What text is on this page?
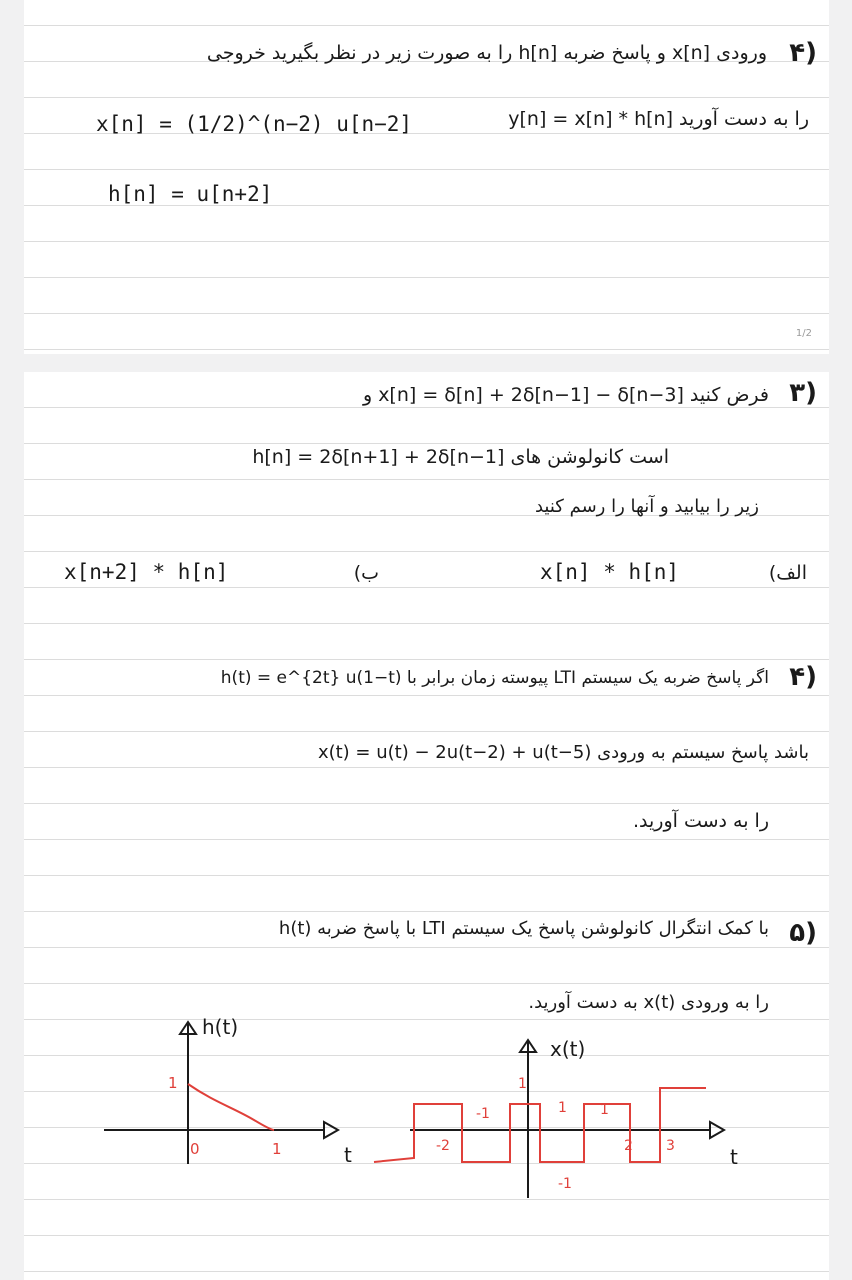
۴)
ورودی x[n] و پاسخ ضربه h[n] را به صورت زیر در نظر بگیرید خروجی
y[n] = x[n] * h[n] را به دست آورید
x[n] = (1/2)^(n−2) u[n−2]
h[n] = u[n+2]
1/2
۳)
فرض کنید x[n] = δ[n] + 2δ[n−1] − δ[n−3] و
h[n] = 2δ[n+1] + 2δ[n−1] است کانولوشن های
زیر را بیابید و آنها را رسم کنید
الف)
x[n] * h[n]
ب)
x[n+2] * h[n]
۴)
اگر پاسخ ضربه یک سیستم LTI پیوسته زمان برابر با h(t) = e^{2t} u(1−t)
باشد پاسخ سیستم به ورودی x(t) = u(t) − 2u(t−2) + u(t−5)
را به دست آورید.
۵)
با کمک انتگرال کانولوشن پاسخ یک سیستم LTI با پاسخ ضربه h(t)
را به ورودی x(t) به دست آورید.
h(t)
t
1
0	1
x(t)
t
1
-1	1 1
-1
-2	2 3
